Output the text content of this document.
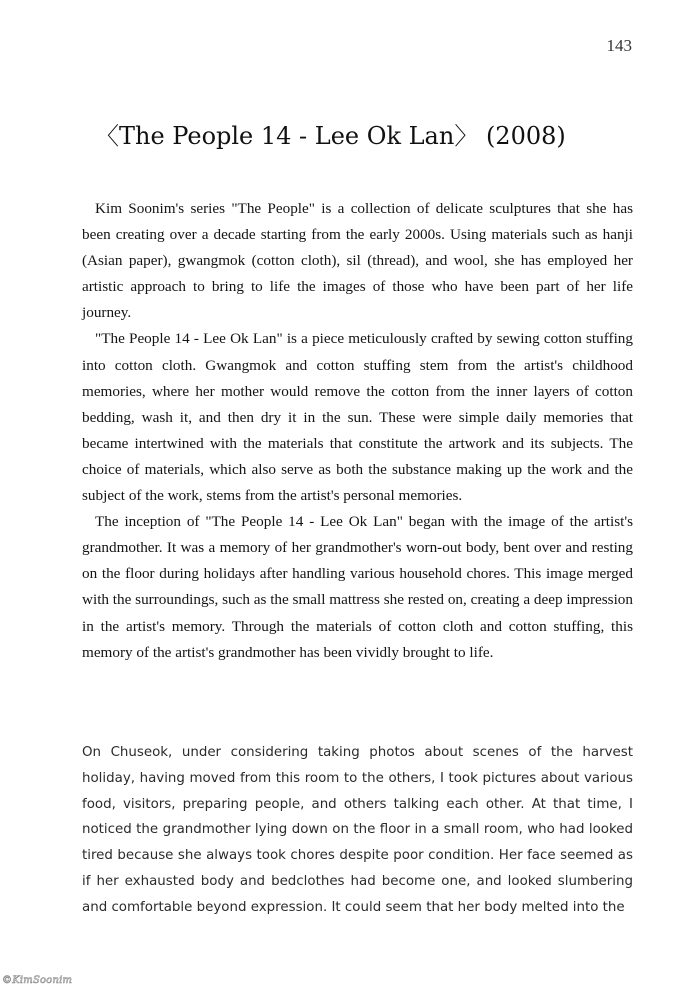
143
〈The People 14 - Lee Ok Lan〉 (2008)

Kim Soonim's series "The People" is a collection of delicate sculptures that she has been creating over a decade starting from the early 2000s. Using materials such as hanji (Asian paper), gwangmok (cotton cloth), sil (thread), and wool, she has employed her artistic approach to bring to life the images of those who have been part of her life journey.

"The People 14 - Lee Ok Lan" is a piece meticulously crafted by sewing cotton stuffing into cotton cloth. Gwangmok and cotton stuffing stem from the artist's childhood memories, where her mother would remove the cotton from the inner layers of cotton bedding, wash it, and then dry it in the sun. These were simple daily memories that became intertwined with the materials that constitute the artwork and its subjects. The choice of materials, which also serve as both the substance making up the work and the subject of the work, stems from the artist's personal memories.

The inception of "The People 14 - Lee Ok Lan" began with the image of the artist's grandmother. It was a memory of her grandmother's worn-out body, bent over and resting on the floor during holidays after handling various household chores. This image merged with the surroundings, such as the small mattress she rested on, creating a deep impression in the artist's memory. Through the materials of cotton cloth and cotton stuffing, this memory of the artist's grandmother has been vividly brought to life.

On Chuseok, under considering taking photos about scenes of the harvest holiday, having moved from this room to the others, I took pictures about various food, visitors, preparing people, and others talking each other. At that time, I noticed the grandmother lying down on the floor in a small room, who had looked tired because she always took chores despite poor condition. Her face seemed as if her exhausted body and bedclothes had become one, and looked slumbering and comfortable beyond expression. It could seem that her body melted into the

©KimSoonim
